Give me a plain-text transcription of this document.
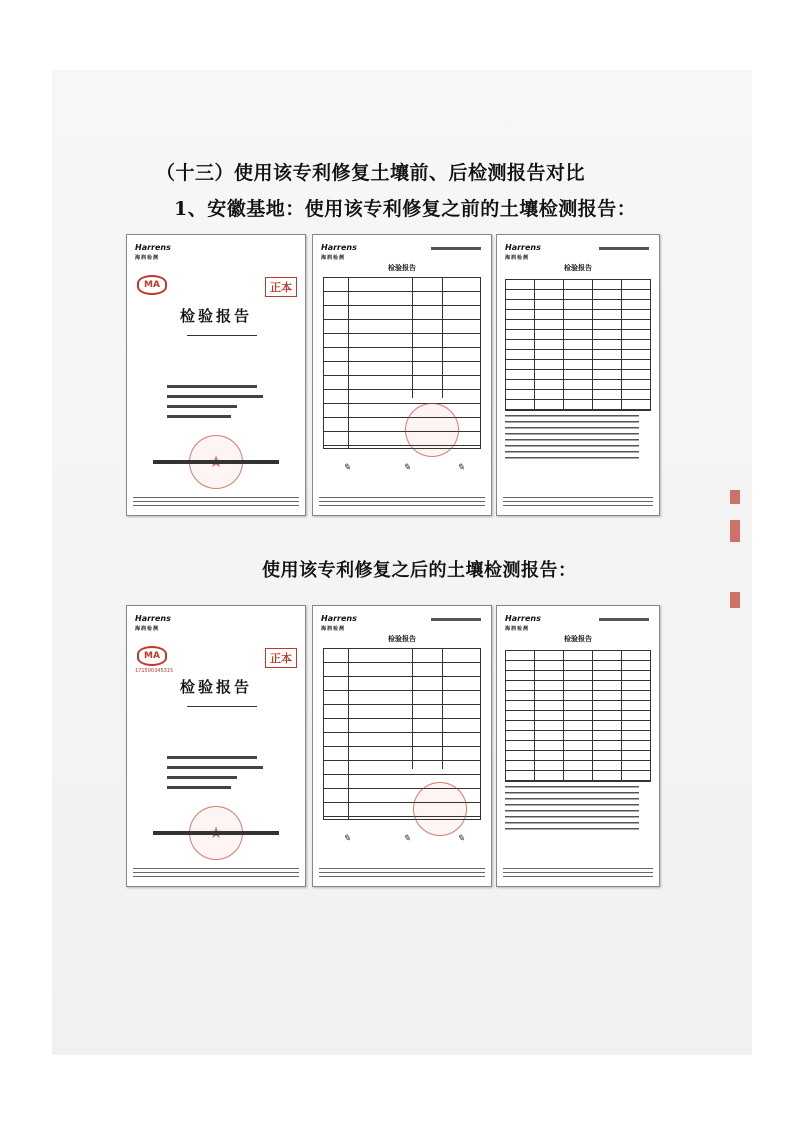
（十三）使用该专利修复土壤前、后检测报告对比
1、安徽基地：使用该专利修复之前的土壤检测报告：
Harrens
海润检测
MA	正本
检验报告
Harrens
海润检测
检验报告
✎	✎	✎
Harrens
海润检测
检验报告
使用该专利修复之后的土壤检测报告：
Harrens
海润检测
MA
171500345315
正本
检验报告
Harrens
海润检测
检验报告
✎	✎	✎
Harrens
海润检测
检验报告
